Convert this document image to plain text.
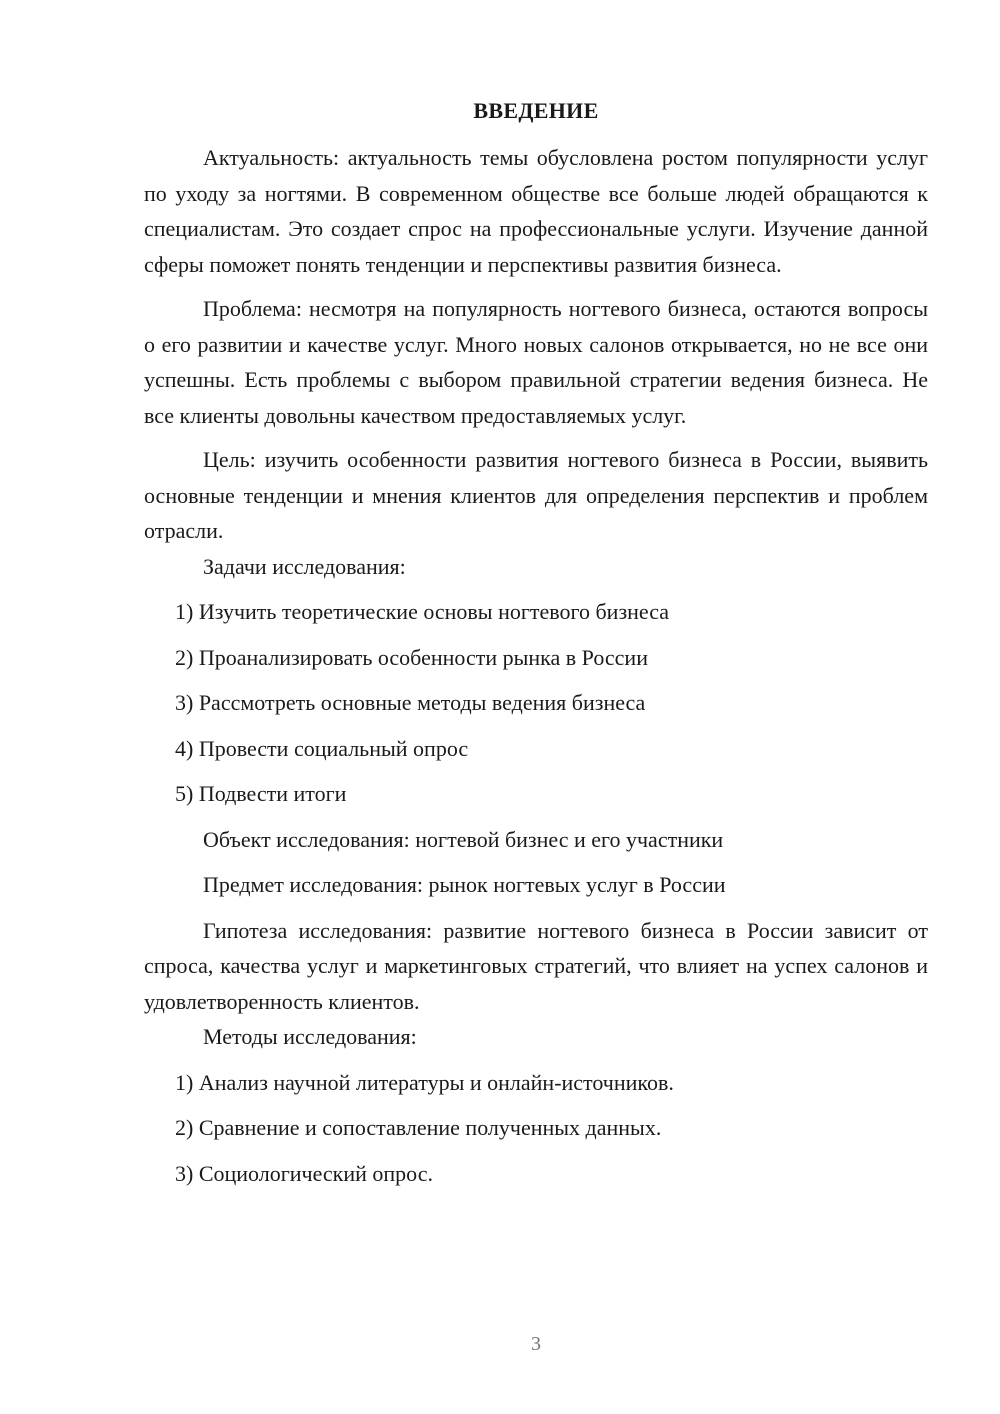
ВВЕДЕНИЕ

Актуальность: актуальность темы обусловлена ростом популярности услуг по уходу за ногтями. В современном обществе все больше людей обращаются к специалистам. Это создает спрос на профессиональные услуги. Изучение данной сферы поможет понять тенденции и перспективы развития бизнеса.

Проблема: несмотря на популярность ногтевого бизнеса, остаются вопросы о его развитии и качестве услуг. Много новых салонов открывается, но не все они успешны. Есть проблемы с выбором правильной стратегии ведения бизнеса. Не все клиенты довольны качеством предоставляемых услуг.

Цель: изучить особенности развития ногтевого бизнеса в России, выявить основные тенденции и мнения клиентов для определения перспектив и проблем отрасли.

Задачи исследования:

1) Изучить теоретические основы ногтевого бизнеса

2) Проанализировать особенности рынка в России

3) Рассмотреть основные методы ведения бизнеса

4) Провести социальный опрос

5) Подвести итоги

Объект исследования: ногтевой бизнес и его участники

Предмет исследования: рынок ногтевых услуг в России

Гипотеза исследования: развитие ногтевого бизнеса в России зависит от спроса, качества услуг и маркетинговых стратегий, что влияет на успех салонов и удовлетворенность клиентов.

Методы исследования:

1) Анализ научной литературы и онлайн-источников.

2) Сравнение и сопоставление полученных данных.

3) Социологический опрос.

3
